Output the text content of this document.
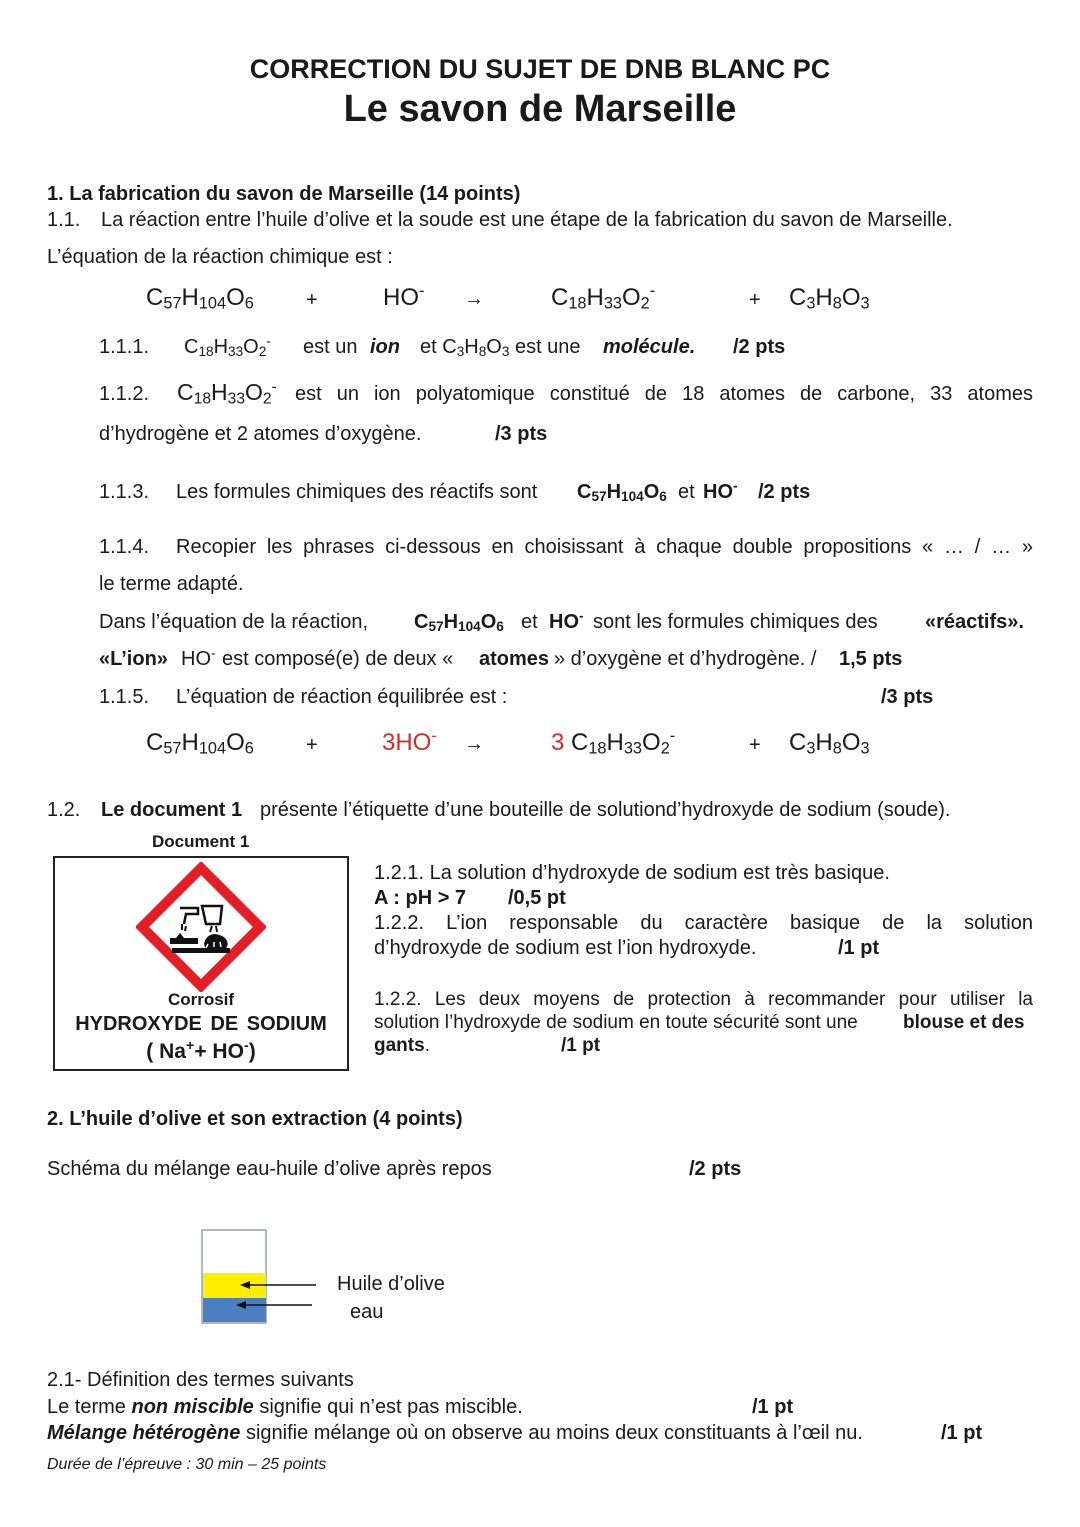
CORRECTION DU SUJET DE DNB BLANC PC
Le savon de Marseille
1. La fabrication du savon de Marseille (14 points)
1.1. La réaction entre l’huile d’olive et la soude est une étape de la fabrication du savon de Marseille.
L’équation de la réaction chimique est :
$C_{57}H_{104}O_6$	+	HO- →	$C_{18}H_{33}O_2^-$	+ $C_3H_8O_3$
1.1.1. $C_{18}H_{33}O_2^-$ est un ion et $C_3H_8O_3$ est une molécule. /2 pts
1.1.2. $C_{18}H_{33}O_2^-$ est un ion polyatomique constitué de 18 atomes de carbone, 33 atomes
d’hydrogène et 2 atomes d’oxygène.	/3 pts
1.1.3. Les formules chimiques des réactifs sont $C_{57}H_{104}O_6$ et HO- /2 pts
1.1.4. Recopier les phrases ci-dessous en choisissant à chaque double propositions « … / … »
le terme adapté.
Dans l’équation de la réaction, $C_{57}H_{104}O_6$ et HO- sont les formules chimiques des «réactifs».
«L’ion» HO- est composé(e) de deux « atomes » d’oxygène et d’hydrogène. / 1,5 pts
1.1.5. L’équation de réaction équilibrée est :	/3 pts
$C_{57}H_{104}O_6$	+	3HO- →	3 $C_{18}H_{33}O_2^-$	+ $C_3H_8O_3$
1.2. Le document 1 présente l’étiquette d’une bouteille de solutiond’hydroxyde de sodium (soude).
Document 1
Corrosif
HYDROXYDE DE SODIUM
( Na++ HO-)
1.2.1. La solution d’hydroxyde de sodium est très basique.
A : pH > 7 /0,5 pt
1.2.2. L’ion responsable du caractère basique de la solution
d’hydroxyde de sodium est l’ion hydroxyde.	/1 pt
1.2.2. Les deux moyens de protection à recommander pour utiliser la
solution l’hydroxyde de sodium en toute sécurité sont une blouse et des
gants.	/1 pt
2. L’huile d’olive et son extraction (4 points)
Schéma du mélange eau-huile d’olive après repos	/2 pts
Huile d’olive
eau
2.1- Définition des termes suivants
Le terme non miscible signifie qui n’est pas miscible.	/1 pt
Mélange hétérogène signifie mélange où on observe au moins deux constituants à l’œil nu.	/1 pt
Durée de l’épreuve : 30 min – 25 points
